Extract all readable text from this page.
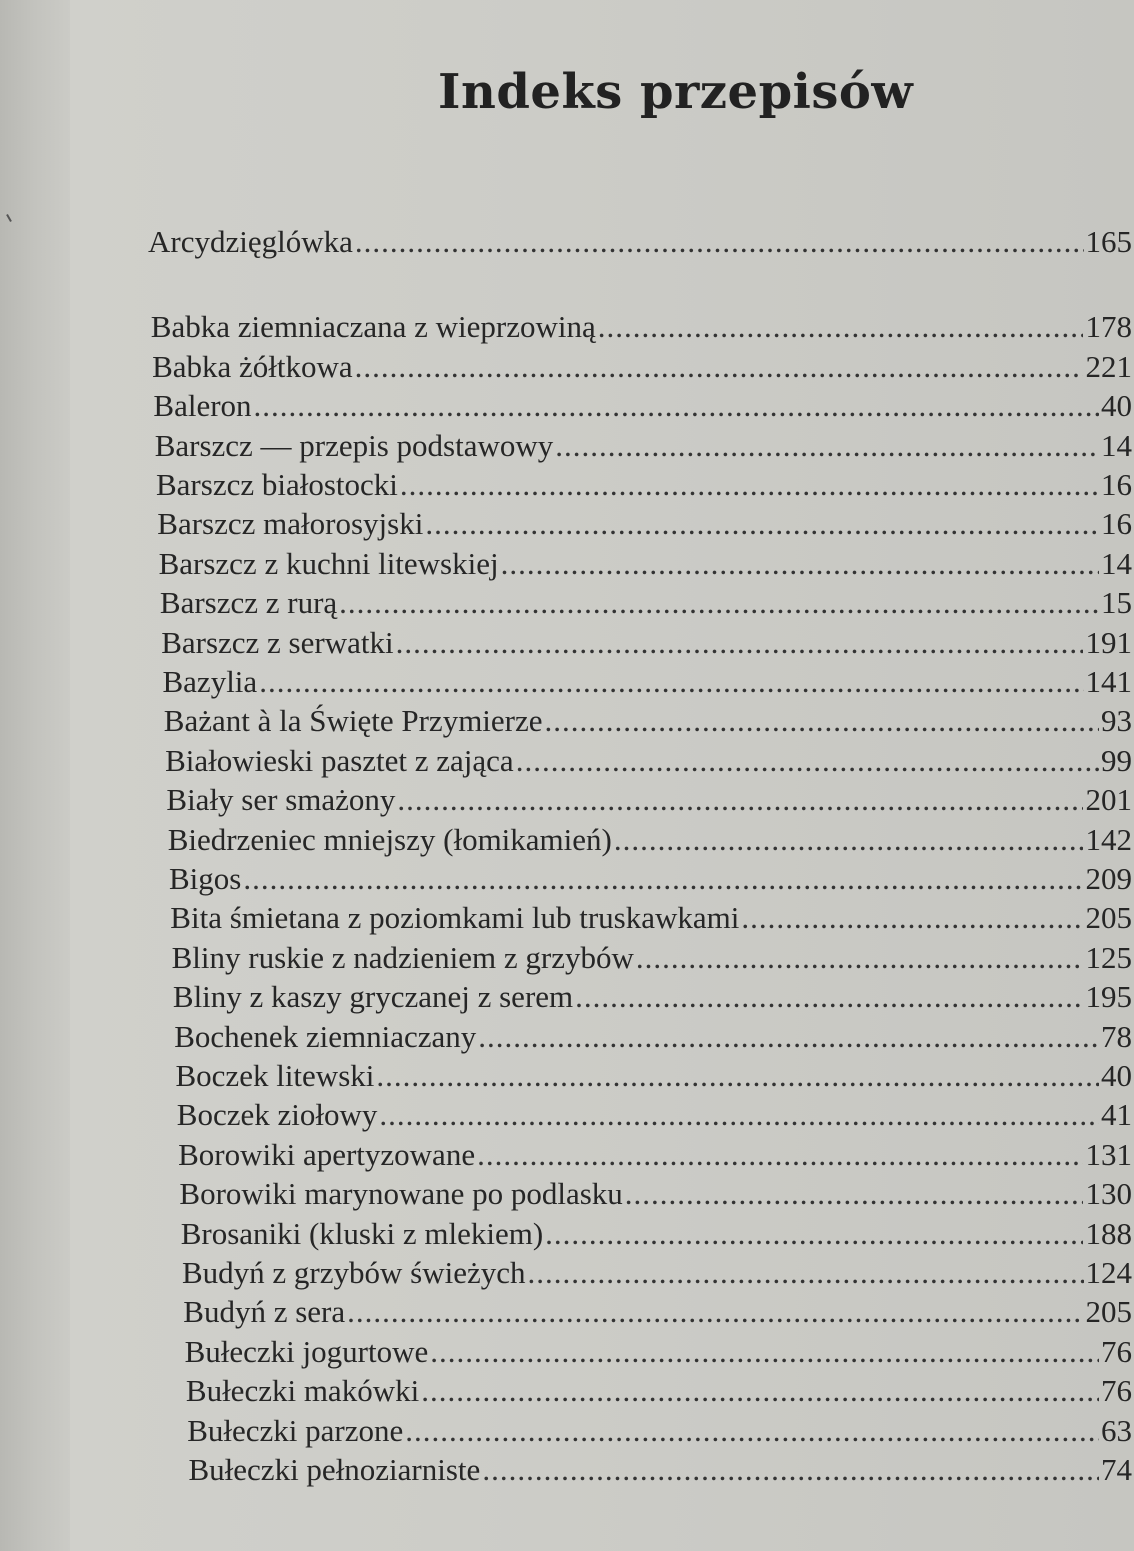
Indeks przepisów
Arcydzięglówka .....	165
Babka ziemniaczana z wieprzowiną .....	178
Babka żółtkowa .....	221
Baleron .....	40
Barszcz — przepis podstawowy .....	14
Barszcz białostocki .....	16
Barszcz małorosyjski .....	16
Barszcz z kuchni litewskiej .....	14
Barszcz z rurą .....	15
Barszcz z serwatki .....	191
Bazylia .....	141
Bażant à la Święte Przymierze .....	93
Białowieski pasztet z zająca .....	99
Biały ser smażony .....	201
Biedrzeniec mniejszy (łomikamień) .....	142
Bigos .....	209
Bita śmietana z poziomkami lub truskawkami .....	205
Bliny ruskie z nadzieniem z grzybów .....	125
Bliny z kaszy gryczanej z serem .....	195
Bochenek ziemniaczany .....	78
Boczek litewski .....	40
Boczek ziołowy .....	41
Borowiki apertyzowane .....	131
Borowiki marynowane po podlasku .....	130
Brosaniki (kluski z mlekiem) .....	188
Budyń z grzybów świeżych .....	124
Budyń z sera .....	205
Bułeczki jogurtowe .....	76
Bułeczki makówki .....	76
Bułeczki parzone .....	63
Bułeczki pełnoziarniste .....	74
